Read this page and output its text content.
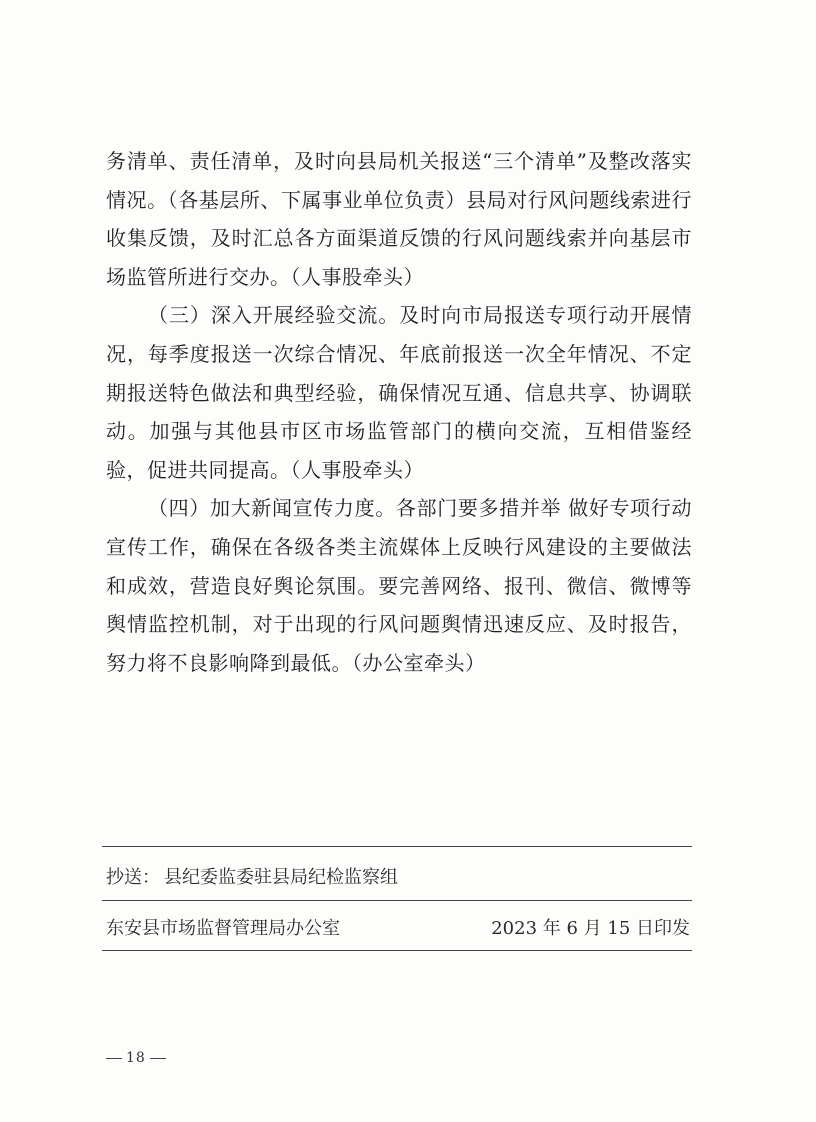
务清单、责任清单，及时向县局机关报送“三个清单”及整改落实情况。（各基层所、下属事业单位负责）县局对行风问题线索进行收集反馈，及时汇总各方面渠道反馈的行风问题线索并向基层市场监管所进行交办。（人事股牵头）

（三）深入开展经验交流。及时向市局报送专项行动开展情况，每季度报送一次综合情况、年底前报送一次全年情况、不定期报送特色做法和典型经验，确保情况互通、信息共享、协调联动。加强与其他县市区市场监管部门的横向交流，互相借鉴经验，促进共同提高。（人事股牵头）

（四）加大新闻宣传力度。各部门要多措并举 做好专项行动宣传工作，确保在各级各类主流媒体上反映行风建设的主要做法和成效，营造良好舆论氛围。要完善网络、报刊、微信、微博等舆情监控机制，对于出现的行风问题舆情迅速反应、及时报告，努力将不良影响降到最低。（办公室牵头）

抄送： 县纪委监委驻县局纪检监察组
东安县市场监督管理局办公室	2023 年 6 月 15 日印发
18
